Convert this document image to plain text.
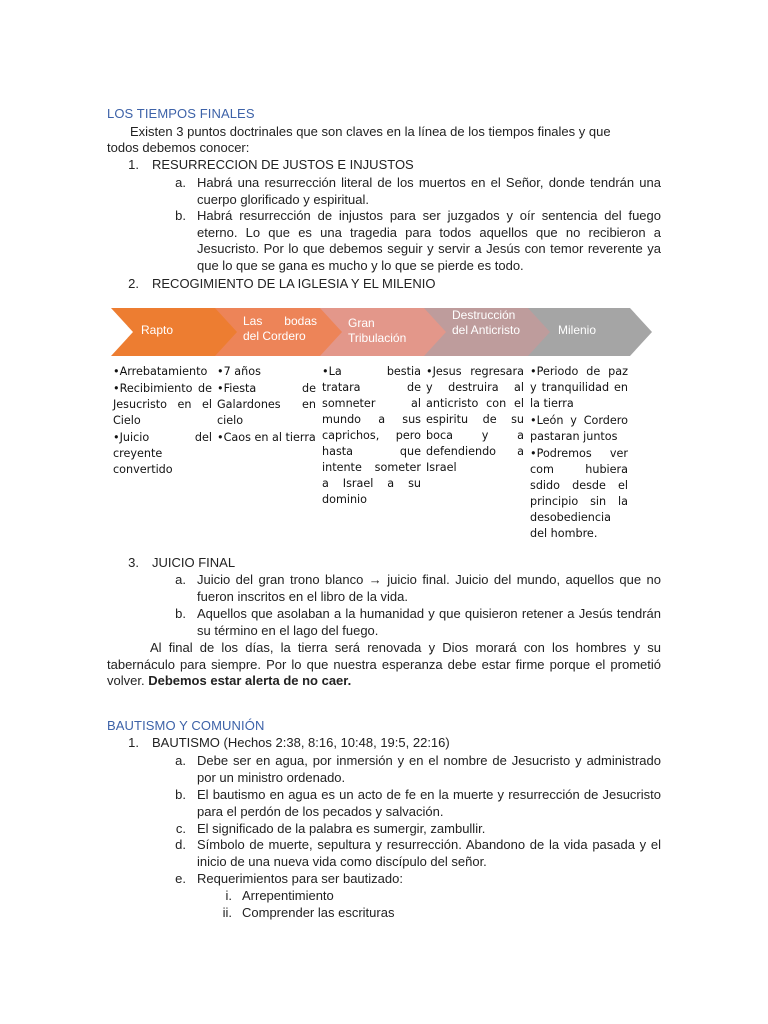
LOS TIEMPOS FINALES
Existen 3 puntos doctrinales que son claves en la línea de los tiempos finales y que
todos debemos conocer:
1. RESURRECCION DE JUSTOS E INJUSTOS
a. Habrá una resurrección literal de los muertos en el Señor, donde tendrán una cuerpo glorificado y espiritual.
b. Habrá resurrección de injustos para ser juzgados y oír sentencia del fuego eterno. Lo que es una tragedia para todos aquellos que no recibieron a Jesucristo. Por lo que debemos seguir y servir a Jesús con temor reverente ya que lo que se gana es mucho y lo que se pierde es todo.
2. RECOGIMIENTO DE LA IGLESIA Y EL MILENIO
Rapto
Las bodas del Cordero
Gran Tribulación
Destrucción del Anticristo	Milenio
•Arrebatamiento
•Recibimiento de Jesucristo en el Cielo
•Juicio del creyente convertido
•7 años
•Fiesta de Galardones en cielo
•Caos en al tierra
•La bestia tratara de somneter al mundo a sus caprichos, pero hasta que intente someter a Israel a su dominio
•Jesus regresara y destruira al anticristo con el espiritu de su boca y a defendiendo a Israel
•Periodo de paz y tranquilidad en la tierra
•León y Cordero pastaran juntos
•Podremos ver com hubiera sdido desde el principio sin la desobediencia del hombre.
3. JUICIO FINAL
a. Juicio del gran trono blanco → juicio final. Juicio del mundo, aquellos que no fueron inscritos en el libro de la vida.
b. Aquellos que asolaban a la humanidad y que quisieron retener a Jesús tendrán su término en el lago del fuego.
Al final de los días, la tierra será renovada y Dios morará con los hombres y su tabernáculo para siempre. Por lo que nuestra esperanza debe estar firme porque el prometió volver. Debemos estar alerta de no caer.
BAUTISMO Y COMUNIÓN
1. BAUTISMO (Hechos 2:38, 8:16, 10:48, 19:5, 22:16)
a. Debe ser en agua, por inmersión y en el nombre de Jesucristo y administrado por un ministro ordenado.
b. El bautismo en agua es un acto de fe en la muerte y resurrección de Jesucristo para el perdón de los pecados y salvación.
c. El significado de la palabra es sumergir, zambullir.
d. Símbolo de muerte, sepultura y resurrección. Abandono de la vida pasada y el inicio de una nueva vida como discípulo del señor.
e. Requerimientos para ser bautizado:
i. Arrepentimiento
ii. Comprender las escrituras
